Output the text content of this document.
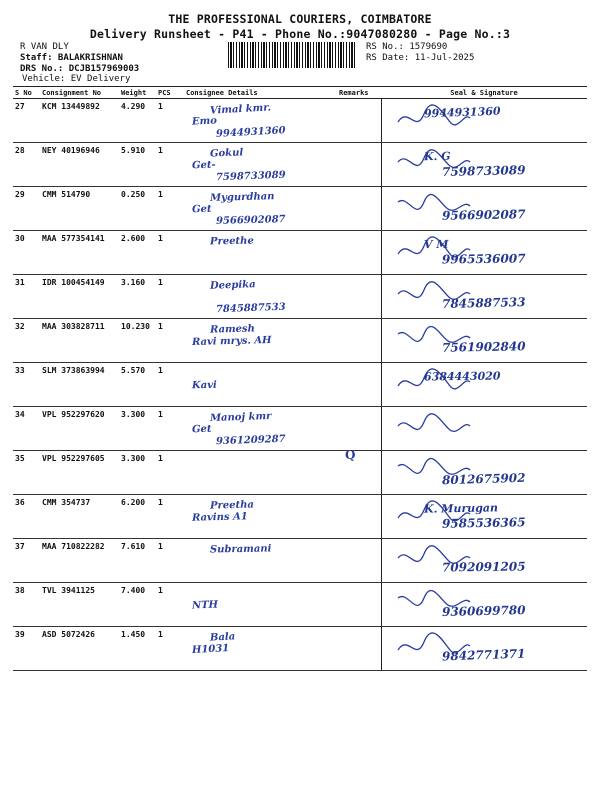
THE PROFESSIONAL COURIERS, COIMBATORE
Delivery Runsheet - P41 - Phone No.:9047080280 - Page No.:3
R VAN DLY
Staff: BALAKRISHNAN
DRS No.: DCJB157969003
Vehicle: EV Delivery
RS No.: 1579690
RS Date: 11-Jul-2025
S No	Consignment No	Weight	PCS	Consignee Details	Remarks	Seal & Signature
27	KCM 13449892	4.290	1	Vimal kmr.
Emo
9944931360		9944931360

28	NEY 40196946	5.910	1	Gokul
Get-
7598733089		K. G
7598733089

29	CMM 514790	0.250	1	Mygurdhan
Get
9566902087		9566902087

30	MAA 577354141	2.600	1	Preethe		V M
9965536007

31	IDR 100454149	3.160	1	Deepika
7845887533		7845887533

32	MAA 303828711	10.230	1	Ramesh
Ravi mrys. AH		7561902840

33	SLM 373863994	5.570	1	Kavi		6384443020

34	VPL 952297620	3.300	1	Manoj kmr
Get
9361209287

35	VPL 952297605	3.300	1		Q	8012675902

36	CMM 354737	6.200	1	Preetha
Ravins A1		K. Murugan
9585536365

37	MAA 710822282	7.610	1	Subramani		7092091205

38	TVL 3941125	7.400	1	NTH		9360699780

39	ASD 5072426	1.450	1	Bala
H1031		9842771371
